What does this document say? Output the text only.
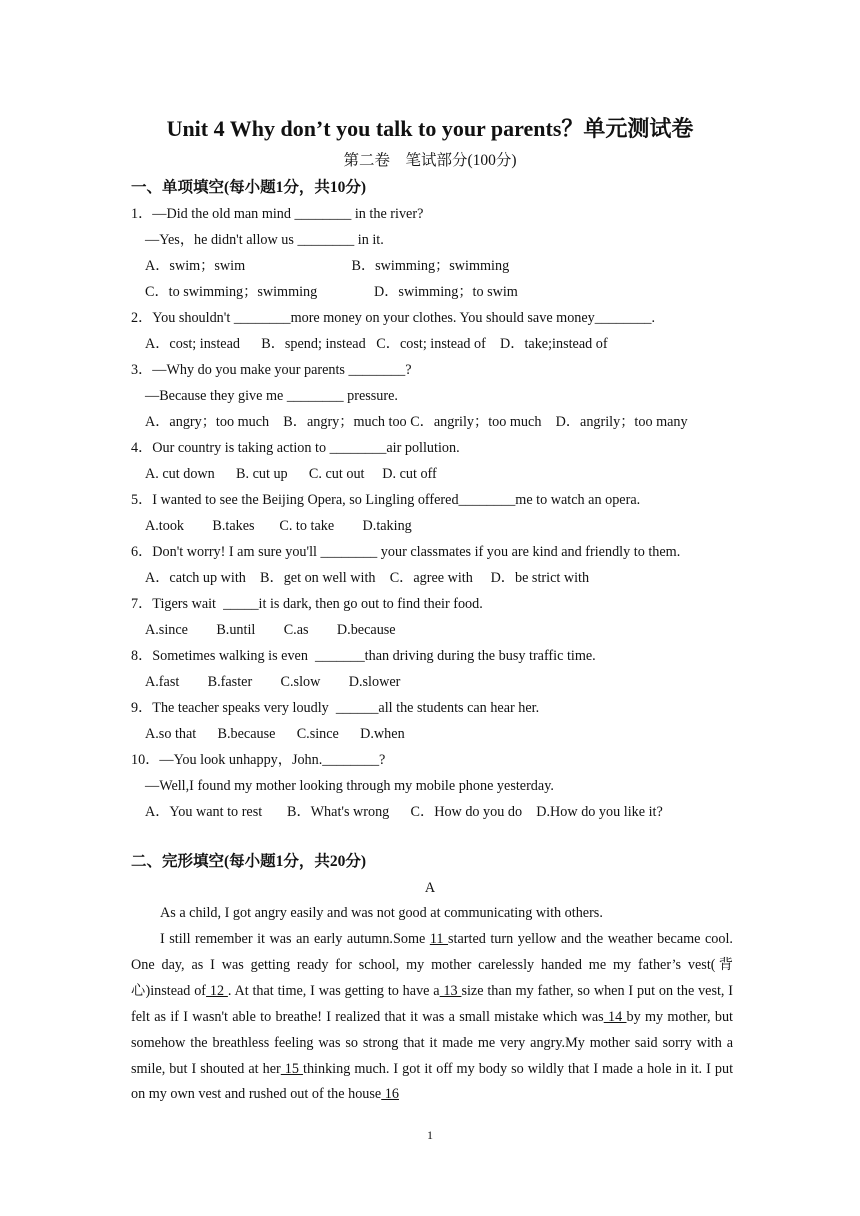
Unit 4 Why don’t you talk to your parents？单元测试卷
第二卷　笔试部分(100分)
一、单项填空(每小题1分，共10分)
1．—Did the old man mind ________ in the river?
—Yes，he didn't allow us ________ in it.
A．swim；swim                              B．swimming；swimming
C．to swimming；swimming                D．swimming；to swim
2．You shouldn't ________more money on your clothes. You should save money________.
A．cost; instead      B．spend; instead   C．cost; instead of    D．take;instead of
3．—Why do you make your parents ________?
—Because they give me ________ pressure.
A．angry；too much    B．angry；much too C．angrily；too much    D．angrily；too many
4．Our country is taking action to ________air pollution.
A. cut down      B. cut up      C. cut out     D. cut off
5．I wanted to see the Beijing Opera, so Lingling offered________me to watch an opera.
A.took        B.takes       C. to take        D.taking
6．Don't worry! I am sure you'll ________ your classmates if you are kind and friendly to them.
A．catch up with    B．get on well with    C．agree with     D．be strict with
7．Tigers wait  _____it is dark, then go out to find their food.
A.since        B.until        C.as        D.because
8．Sometimes walking is even  _______than driving during the busy traffic time.
A.fast        B.faster        C.slow        D.slower
9．The teacher speaks very loudly  ______all the students can hear her.
A.so that      B.because      C.since      D.when
10．—You look unhappy，John.________?
—Well,I found my mother looking through my mobile phone yesterday.
A．You want to rest       B．What's wrong      C．How do you do    D.How do you like it?
二、完形填空(每小题1分，共20分)
A
As a child, I got angry easily and was not good at communicating with others.
I still remember it was an early autumn.Some 11 started turn yellow and the weather became cool. One day, as I was getting ready for school, my mother carelessly handed me my father’s vest(背心)instead of 12 . At that time, I was getting to have a 13 size than my father, so when I put on the vest, I felt as if I wasn't able to breathe! I realized that it was a small mistake which was 14 by my mother, but somehow the breathless feeling was so strong that it made me very angry.My mother said sorry with a smile, but I shouted at her 15 thinking much. I got it off my body so wildly that I made a hole in it. I put on my own vest and rushed out of the house 16
1
